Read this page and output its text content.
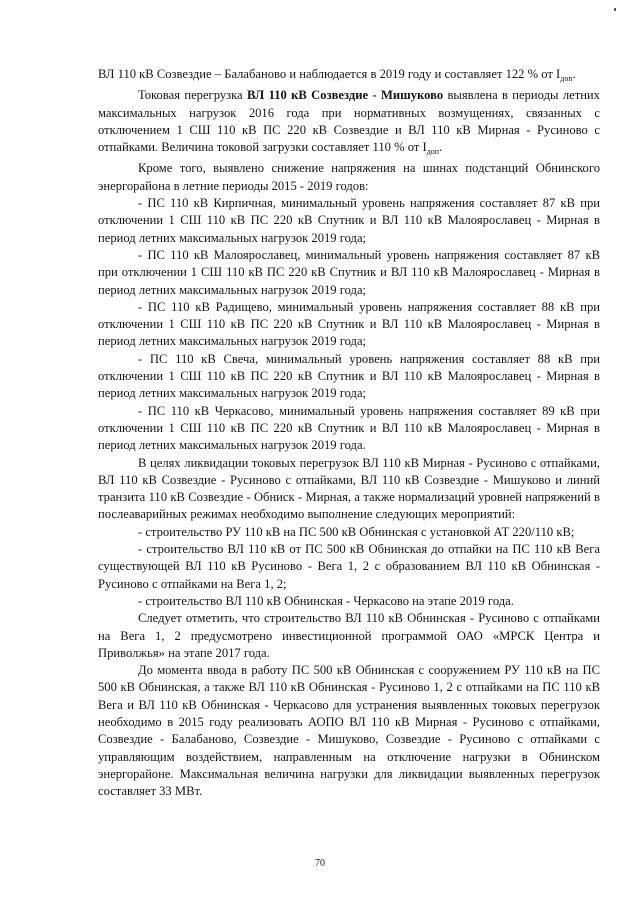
ВЛ 110 кВ Созвездие – Балабаново и наблюдается в 2019 году и составляет 122 % от $I_{доп}$.

Токовая перегрузка ВЛ 110 кВ Созвездие - Мишуково выявлена в периоды летних максимальных нагрузок 2016 года при нормативных возмущениях, связанных с отключением 1 СШ 110 кВ ПС 220 кВ Созвездие и ВЛ 110 кВ Мирная - Русиново с отпайками. Величина токовой загрузки составляет 110 % от $I_{доп}$.

Кроме того, выявлено снижение напряжения на шинах подстанций Обнинского энергорайона в летние периоды 2015 - 2019 годов:

- ПС 110 кВ Кирпичная, минимальный уровень напряжения составляет 87 кВ при отключении 1 СШ 110 кВ ПС 220 кВ Спутник и ВЛ 110 кВ Малоярославец - Мирная в период летних максимальных нагрузок 2019 года;

- ПС 110 кВ Малоярославец, минимальный уровень напряжения составляет 87 кВ при отключении 1 СШ 110 кВ ПС 220 кВ Спутник и ВЛ 110 кВ Малоярославец - Мирная в период летних максимальных нагрузок 2019 года;

- ПС 110 кВ Радищево, минимальный уровень напряжения составляет 88 кВ при отключении 1 СШ 110 кВ ПС 220 кВ Спутник и ВЛ 110 кВ Малоярославец - Мирная в период летних максимальных нагрузок 2019 года;

- ПС 110 кВ Свеча, минимальный уровень напряжения составляет 88 кВ при отключении 1 СШ 110 кВ ПС 220 кВ Спутник и ВЛ 110 кВ Малоярославец - Мирная в период летних максимальных нагрузок 2019 года;

- ПС 110 кВ Черкасово, минимальный уровень напряжения составляет 89 кВ при отключении 1 СШ 110 кВ ПС 220 кВ Спутник и ВЛ 110 кВ Малоярославец - Мирная в период летних максимальных нагрузок 2019 года.

В целях ликвидации токовых перегрузок ВЛ 110 кВ Мирная - Русиново с отпайками, ВЛ 110 кВ Созвездие - Русиново с отпайками, ВЛ 110 кВ Созвездие - Мишуково и линий транзита 110 кВ Созвездие - Обниск - Мирная, а также нормализаций уровней напряжений в послеаварийных режимах необходимо выполнение следующих мероприятий:

- строительство РУ 110 кВ на ПС 500 кВ Обнинская с установкой АТ 220/110 кВ;

- строительство ВЛ 110 кВ от ПС 500 кВ Обнинская до отпайки на ПС 110 кВ Вега существующей ВЛ 110 кВ Русиново - Вега 1, 2 с образованием ВЛ 110 кВ Обнинская - Русиново с отпайками на Вега 1, 2;

- строительство ВЛ 110 кВ Обнинская - Черкасово на этапе 2019 года.

Следует отметить, что строительство ВЛ 110 кВ Обнинская - Русиново с отпайками на Вега 1, 2 предусмотрено инвестиционной программой ОАО «МРСК Центра и Приволжья» на этапе 2017 года.

До момента ввода в работу ПС 500 кВ Обнинская с сооружением РУ 110 кВ на ПС 500 кВ Обнинская, а также ВЛ 110 кВ Обнинская - Русиново 1, 2 с отпайками на ПС 110 кВ Вега и ВЛ 110 кВ Обнинская - Черкасово для устранения выявленных токовых перегрузок необходимо в 2015 году реализовать АОПО ВЛ 110 кВ Мирная - Русиново с отпайками, Созвездие - Балабаново, Созвездие - Мишуково, Созвездие - Русиново с отпайками с управляющим воздействием, направленным на отключение нагрузки в Обнинском энергорайоне. Максимальная величина нагрузки для ликвидации выявленных перегрузок составляет 33 МВт.

70
